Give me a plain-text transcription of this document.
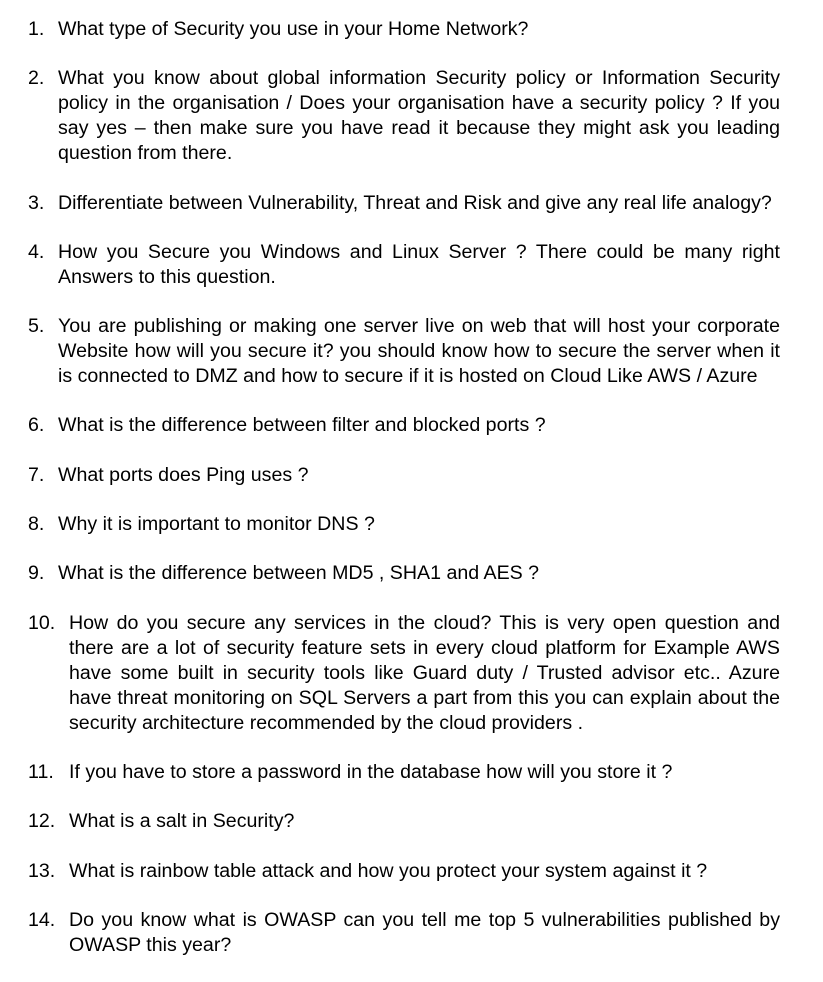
1. What type of Security you use in your Home Network?
2. What you know about global information Security policy or Information Security policy in the organisation / Does your organisation have a security policy ? If you say yes – then make sure you have read it because they might ask you leading question from there.
3. Differentiate between Vulnerability, Threat and Risk and give any real life analogy?
4. How you Secure you Windows and Linux Server ? There could be many right Answers to this question.
5. You are publishing or making one server live on web that will host your corporate Website how will you secure it? you should know how to secure the server when it is connected to DMZ and how to secure if it is hosted on Cloud Like AWS / Azure
6. What is the difference between filter and blocked ports ?
7. What ports does Ping uses ?
8. Why it is important to monitor DNS ?
9. What is the difference between MD5 , SHA1 and AES ?
10. How do you secure any services in the cloud? This is very open question and there are a lot of security feature sets in every cloud platform for Example AWS have some built in security tools like Guard duty / Trusted advisor etc.. Azure have threat monitoring on SQL Servers a part from this you can explain about the security architecture recommended by the cloud providers .
11. If you have to store a password in the database how will you store it ?
12. What is a salt in Security?
13. What is rainbow table attack and how you protect your system against it ?
14. Do you know what is OWASP can you tell me top 5 vulnerabilities published by OWASP this year?
